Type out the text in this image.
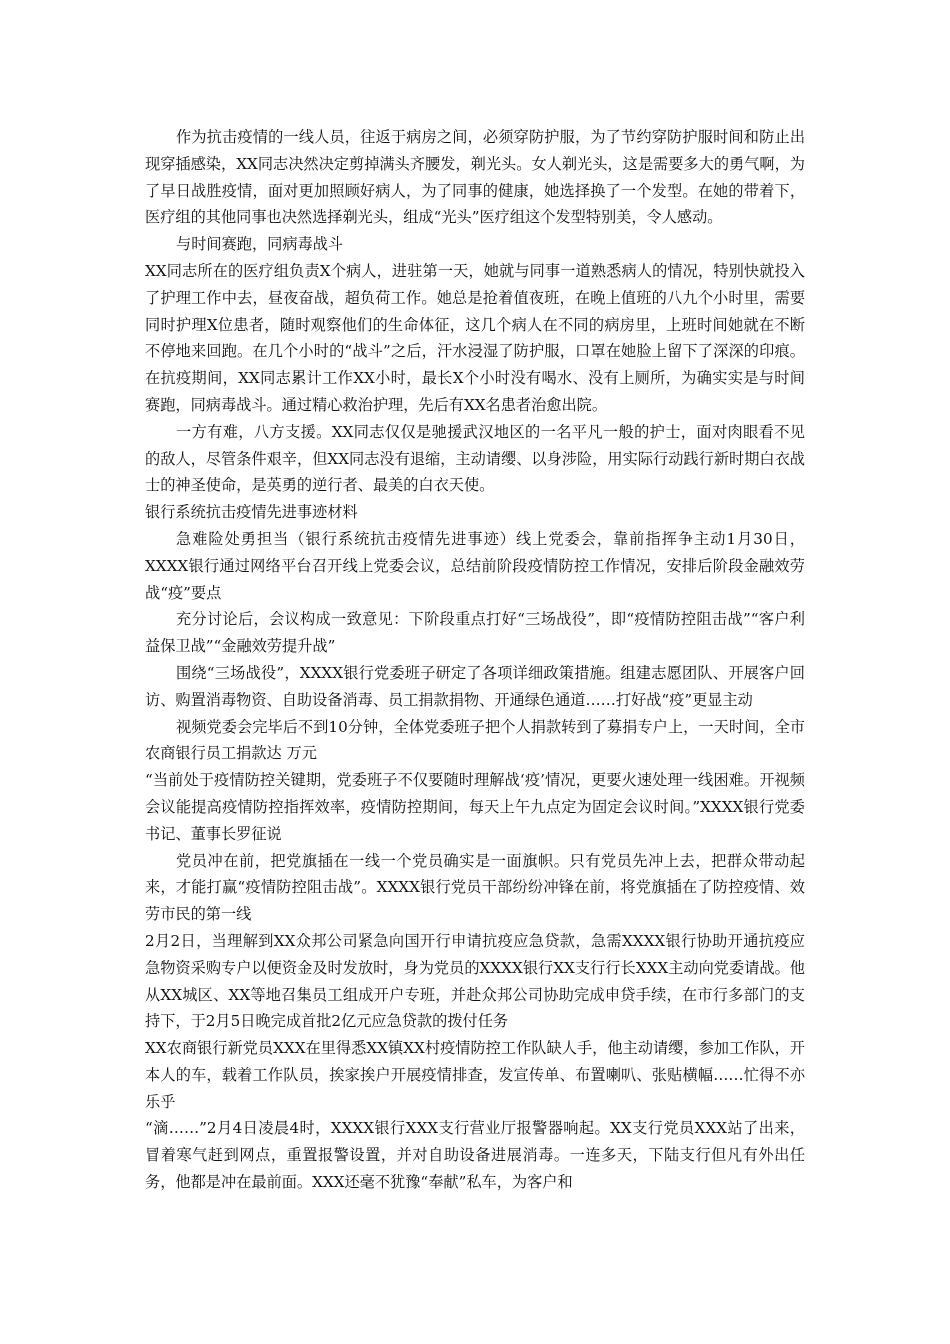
作为抗击疫情的一线人员，往返于病房之间，必须穿防护服，为了节约穿防护服时间和防止出现穿插感染，XX同志决然决定剪掉满头齐腰发，剃光头。女人剃光头，这是需要多大的勇气啊，为了早日战胜疫情，面对更加照顾好病人，为了同事的健康，她选择换了一个发型。在她的带着下，医疗组的其他同事也决然选择剃光头，组成“光头”医疗组这个发型特别美，令人感动。

与时间赛跑，同病毒战斗

XX同志所在的医疗组负责X个病人，进驻第一天，她就与同事一道熟悉病人的情况，特别快就投入了护理工作中去，昼夜奋战，超负荷工作。她总是抢着值夜班，在晚上值班的八九个小时里，需要同时护理X位患者，随时观察他们的生命体征，这几个病人在不同的病房里，上班时间她就在不断不停地来回跑。在几个小时的“战斗”之后，汗水浸湿了防护服，口罩在她脸上留下了深深的印痕。在抗疫期间，XX同志累计工作XX小时，最长X个小时没有喝水、没有上厕所，为确实实是与时间赛跑，同病毒战斗。通过精心救治护理，先后有XX名患者治愈出院。

一方有难，八方支援。XX同志仅仅是驰援武汉地区的一名平凡一般的护士，面对肉眼看不见的敌人，尽管条件艰辛，但XX同志没有退缩，主动请缨、以身涉险，用实际行动践行新时期白衣战士的神圣使命，是英勇的逆行者、最美的白衣天使。

银行系统抗击疫情先进事迹材料

急难险处勇担当（银行系统抗击疫情先进事迹）线上党委会，靠前指挥争主动1月30日，XXXX银行通过网络平台召开线上党委会议，总结前阶段疫情防控工作情况，安排后阶段金融效劳战“疫”要点

充分讨论后，会议构成一致意见：下阶段重点打好“三场战役”，即“疫情防控阻击战”“客户利益保卫战”“金融效劳提升战”

围绕“三场战役”，XXXX银行党委班子研定了各项详细政策措施。组建志愿团队、开展客户回访、购置消毒物资、自助设备消毒、员工捐款捐物、开通绿色通道……打好战“疫”更显主动

视频党委会完毕后不到10分钟，全体党委班子把个人捐款转到了募捐专户上，一天时间，全市农商银行员工捐款达 万元

“当前处于疫情防控关键期，党委班子不仅要随时理解战‘疫’情况，更要火速处理一线困难。开视频会议能提高疫情防控指挥效率，疫情防控期间，每天上午九点定为固定会议时间。”XXXX银行党委书记、董事长罗征说

党员冲在前，把党旗插在一线一个党员确实是一面旗帜。只有党员先冲上去，把群众带动起来，才能打赢“疫情防控阻击战”。XXXX银行党员干部纷纷冲锋在前，将党旗插在了防控疫情、效劳市民的第一线

2月2日，当理解到XX众邦公司紧急向国开行申请抗疫应急贷款，急需XXXX银行协助开通抗疫应急物资采购专户以便资金及时发放时，身为党员的XXXX银行XX支行行长XXX主动向党委请战。他从XX城区、XX等地召集员工组成开户专班，并赴众邦公司协助完成申贷手续，在市行多部门的支持下，于2月5日晚完成首批2亿元应急贷款的拨付任务

XX农商银行新党员XXX在里得悉XX镇XX村疫情防控工作队缺人手，他主动请缨，参加工作队，开本人的车，载着工作队员，挨家挨户开展疫情排查，发宣传单、布置喇叭、张贴横幅……忙得不亦乐乎

“滴……”2月4日凌晨4时，XXXX银行XXX支行营业厅报警器响起。XX支行党员XXX站了出来，冒着寒气赶到网点，重置报警设置，并对自助设备进展消毒。一连多天，下陆支行但凡有外出任务，他都是冲在最前面。XXX还毫不犹豫“奉献”私车，为客户和
